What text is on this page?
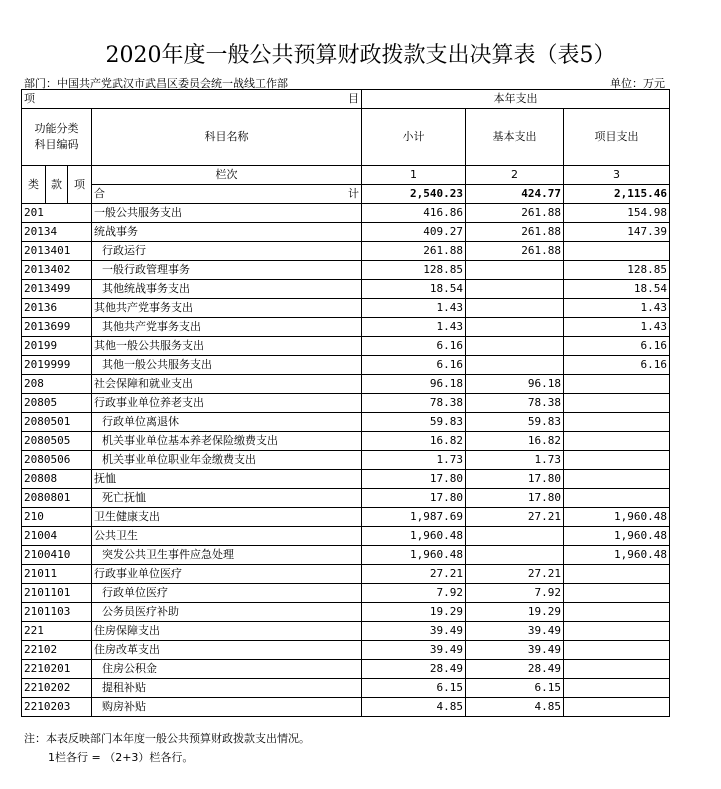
2020年度一般公共预算财政拨款支出决算表（表5）
部门：中国共产党武汉市武昌区委员会统一战线工作部	单位：万元
项 目				本年支出		
功能分类
科目编码			科目名称	小计	基本支出	项目支出
类	款	项	栏次	1	2	3

			合 计	2,540.23	424.77	2,115.46
201			一般公共服务支出	416.86	261.88	154.98
20134			统战事务	409.27	261.88	147.39
2013401			行政运行	261.88	261.88	
2013402			一般行政管理事务	128.85		128.85
2013499			其他统战事务支出	18.54		18.54
20136			其他共产党事务支出	1.43		1.43
2013699			其他共产党事务支出	1.43		1.43
20199			其他一般公共服务支出	6.16		6.16
2019999			其他一般公共服务支出	6.16		6.16
208			社会保障和就业支出	96.18	96.18	
20805			行政事业单位养老支出	78.38	78.38	
2080501			行政单位离退休	59.83	59.83	
2080505			机关事业单位基本养老保险缴费支出	16.82	16.82	
2080506			机关事业单位职业年金缴费支出	1.73	1.73	
20808			抚恤	17.80	17.80	
2080801			死亡抚恤	17.80	17.80	
210			卫生健康支出	1,987.69	27.21	1,960.48
21004			公共卫生	1,960.48		1,960.48
2100410			突发公共卫生事件应急处理	1,960.48		1,960.48
21011			行政事业单位医疗	27.21	27.21	
2101101			行政单位医疗	7.92	7.92	
2101103			公务员医疗补助	19.29	19.29	
221			住房保障支出	39.49	39.49	
22102			住房改革支出	39.49	39.49	
2210201			住房公积金	28.49	28.49	
2210202			提租补贴	6.15	6.15	
2210203			购房补贴	4.85	4.85	
注：本表反映部门本年度一般公共预算财政拨款支出情况。
1栏各行 = （2+3）栏各行。
